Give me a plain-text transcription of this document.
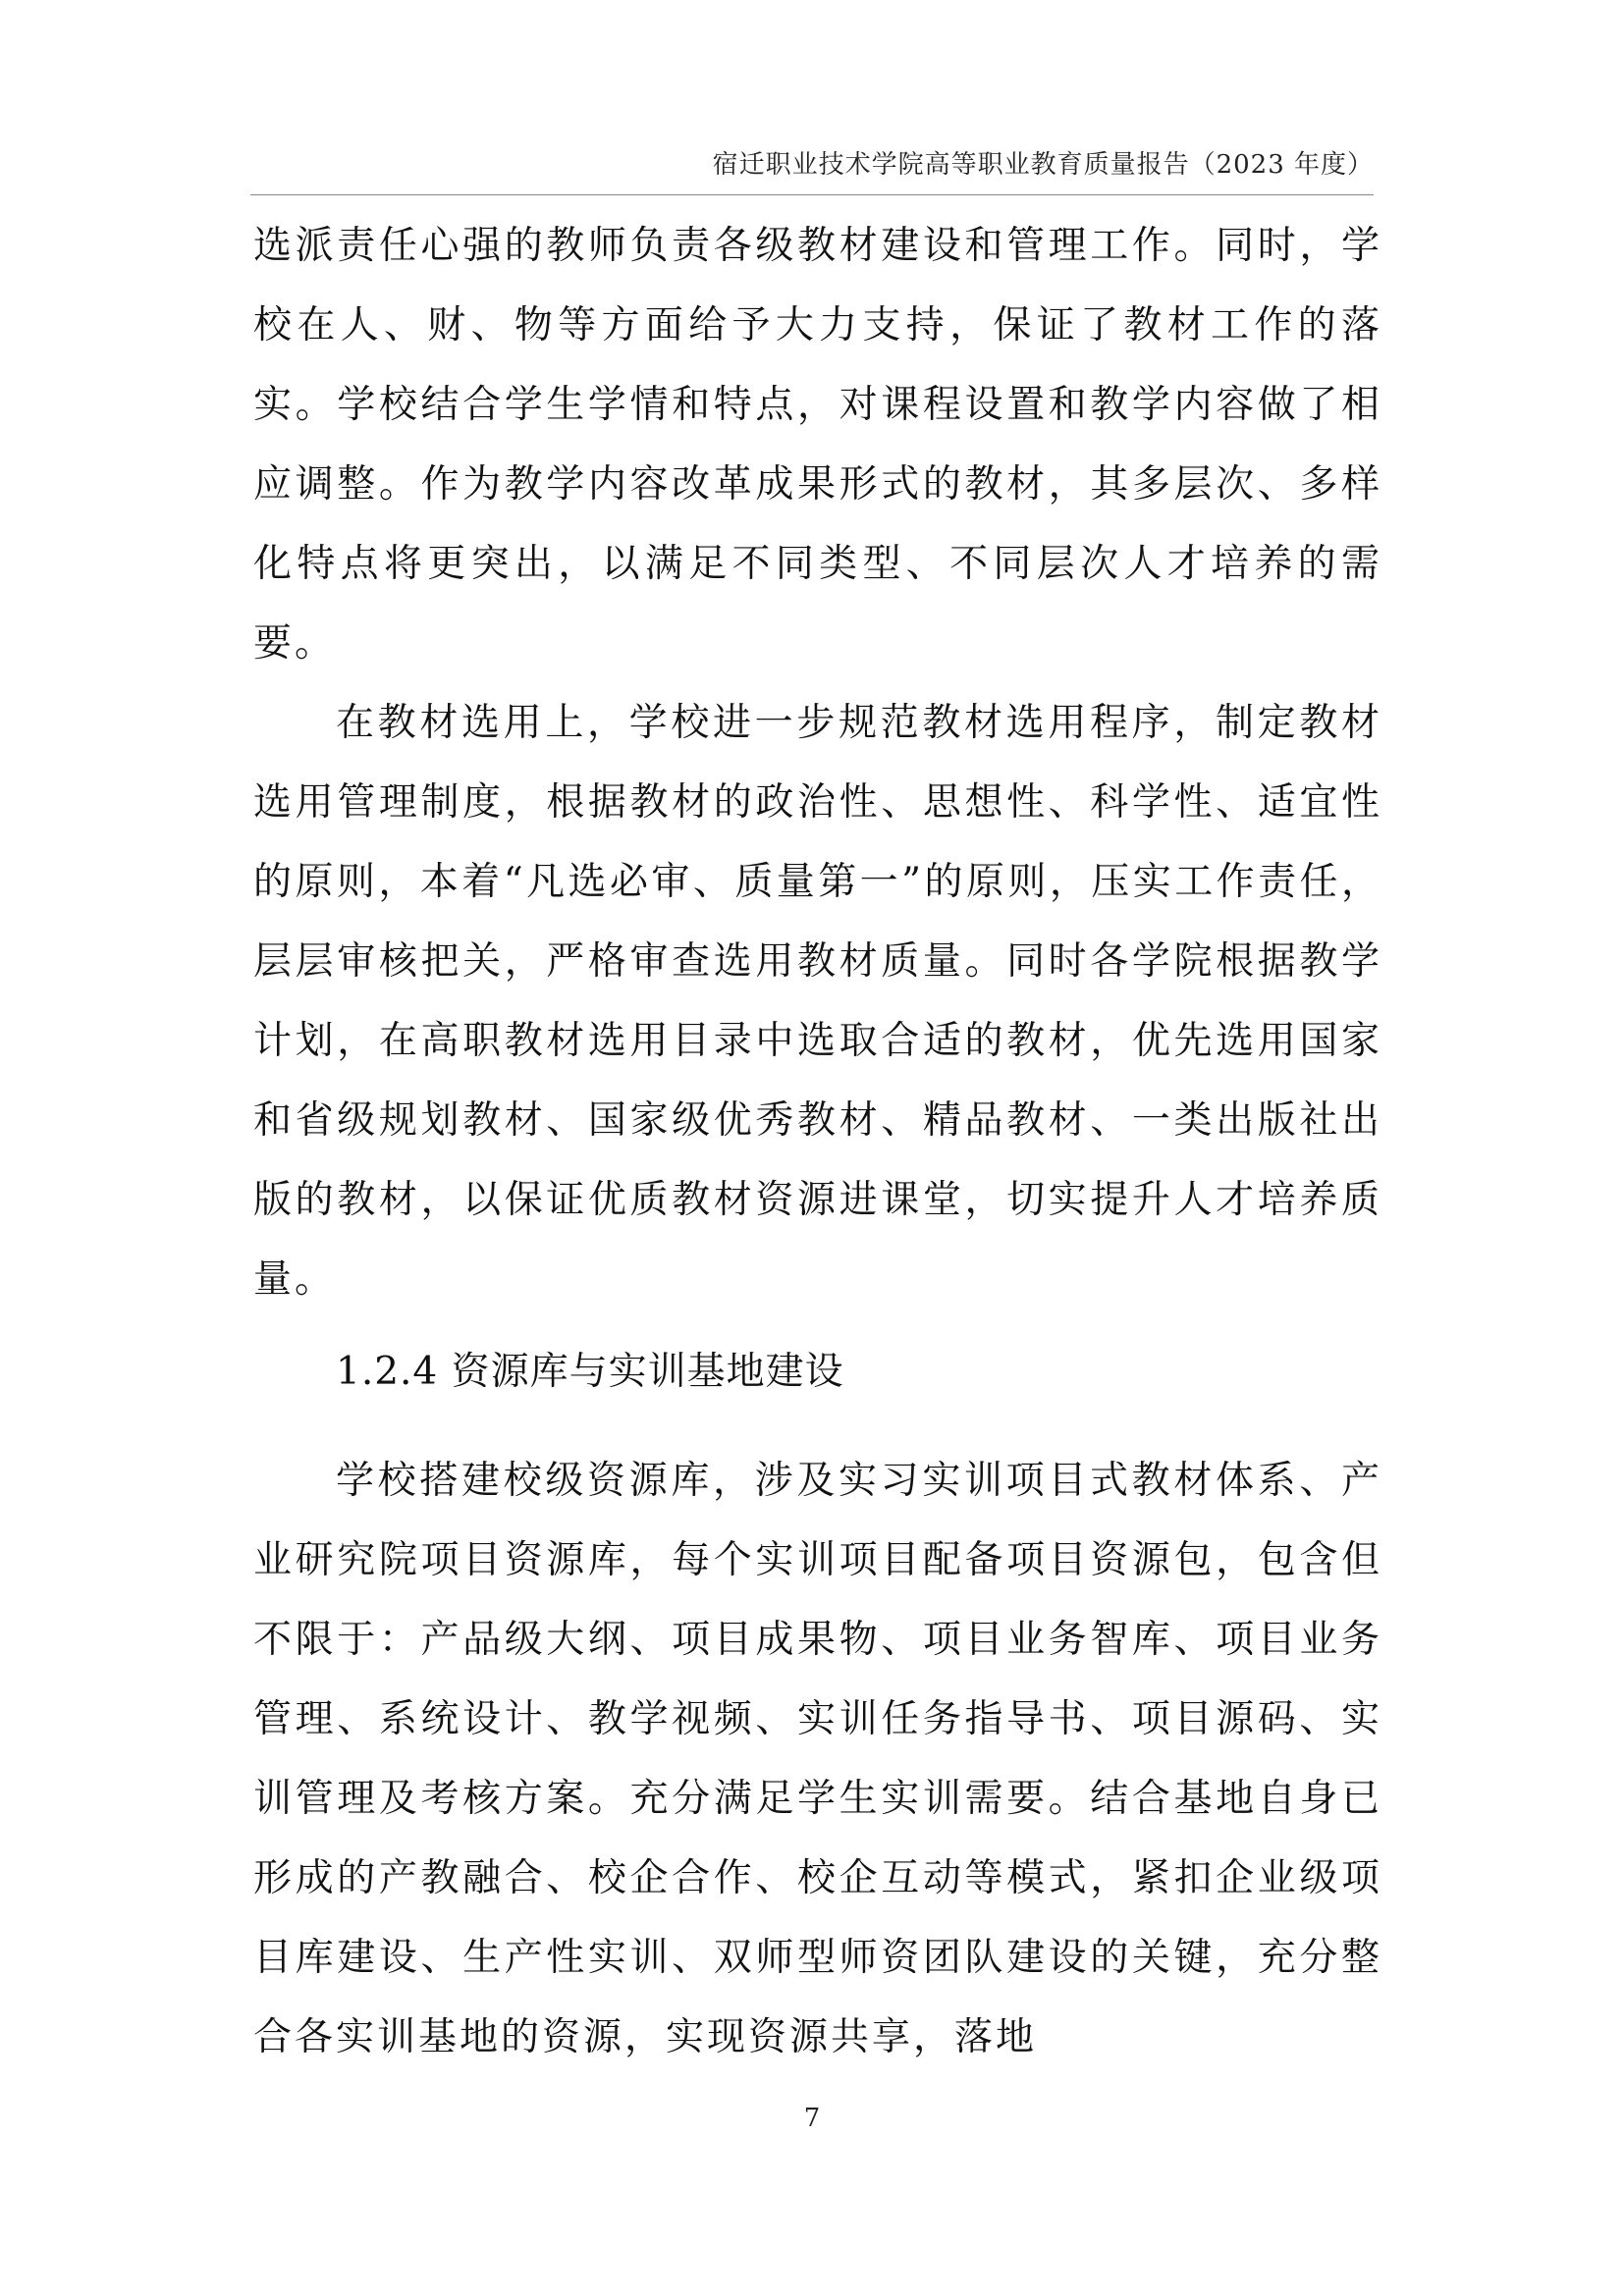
宿迁职业技术学院高等职业教育质量报告（2023 年度）

选派责任心强的教师负责各级教材建设和管理工作。同时，学校在人、财、物等方面给予大力支持，保证了教材工作的落实。学校结合学生学情和特点，对课程设置和教学内容做了相应调整。作为教学内容改革成果形式的教材，其多层次、多样化特点将更突出，以满足不同类型、不同层次人才培养的需要。

在教材选用上，学校进一步规范教材选用程序，制定教材选用管理制度，根据教材的政治性、思想性、科学性、适宜性的原则，本着“凡选必审、质量第一”的原则，压实工作责任，层层审核把关，严格审查选用教材质量。同时各学院根据教学计划，在高职教材选用目录中选取合适的教材，优先选用国家和省级规划教材、国家级优秀教材、精品教材、一类出版社出版的教材，以保证优质教材资源进课堂，切实提升人才培养质量。

1.2.4 资源库与实训基地建设

学校搭建校级资源库，涉及实习实训项目式教材体系、产业研究院项目资源库，每个实训项目配备项目资源包，包含但不限于：产品级大纲、项目成果物、项目业务智库、项目业务管理、系统设计、教学视频、实训任务指导书、项目源码、实训管理及考核方案。充分满足学生实训需要。结合基地自身已形成的产教融合、校企合作、校企互动等模式，紧扣企业级项目库建设、生产性实训、双师型师资团队建设的关键，充分整合各实训基地的资源，实现资源共享，落地

7
